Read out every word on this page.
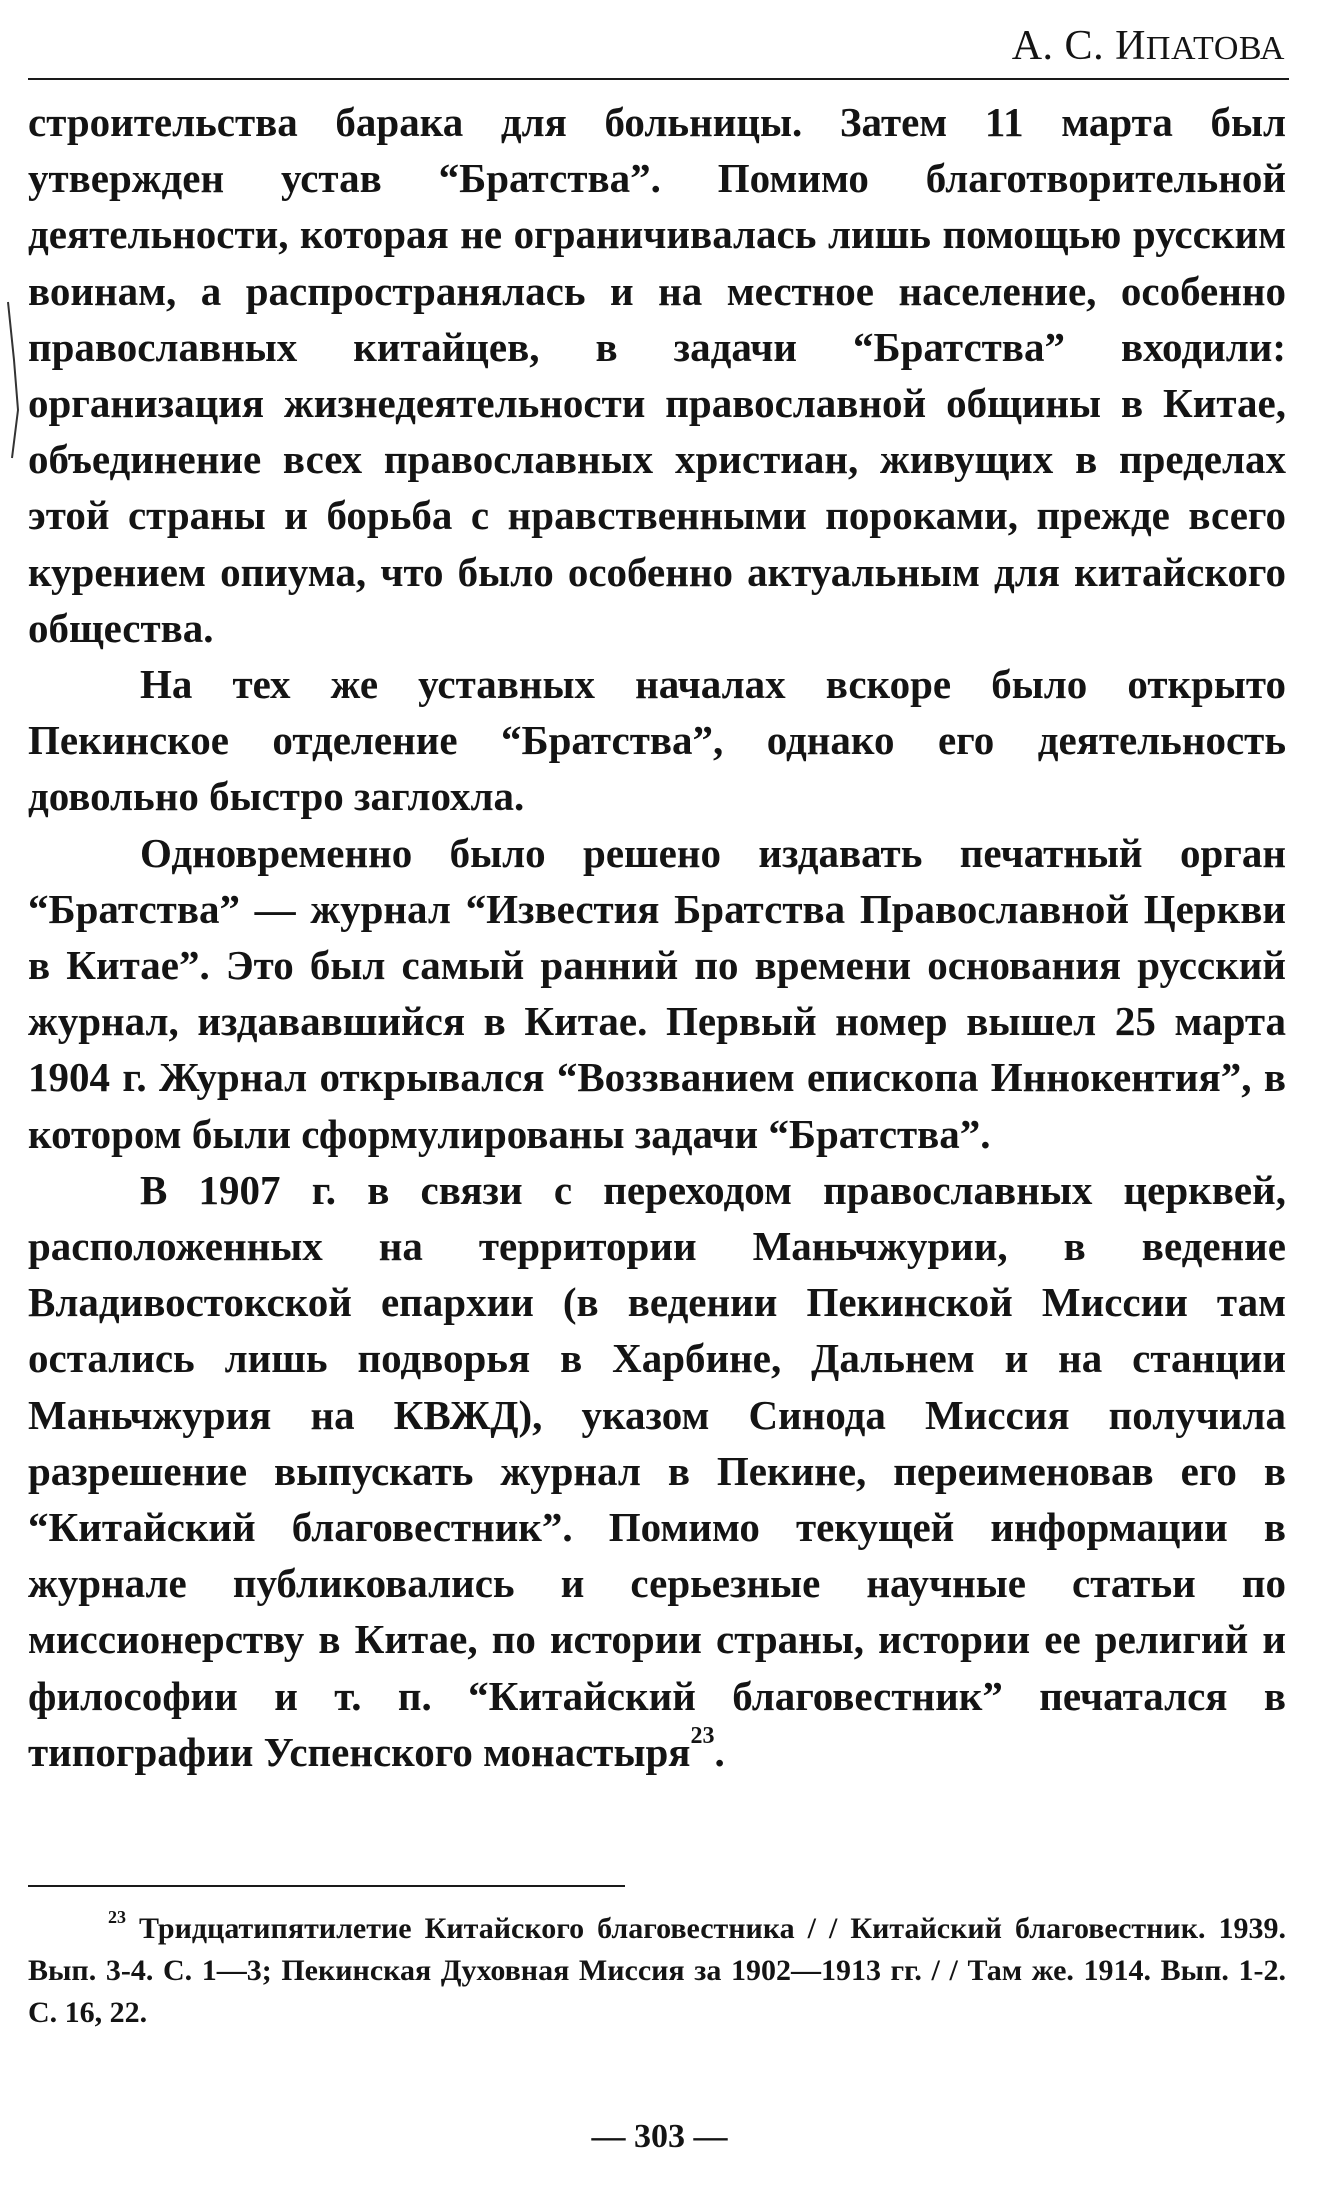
А. С. ИПАТОВА

строительства барака для больницы. Затем 11 марта был утвержден устав “Братства”. Помимо благотворительной деятельности, которая не ограничивалась лишь помощью русским воинам, а распространялась и на местное население, особенно православных китайцев, в задачи “Братства” входили: организация жизнедеятельности православной общины в Китае, объединение всех православных христиан, живущих в пределах этой страны и борьба с нравственными пороками, прежде всего курением опиума, что было особенно актуальным для китайского общества.

На тех же уставных началах вскоре было открыто Пекинское отделение “Братства”, однако его деятельность довольно быстро заглохла.

Одновременно было решено издавать печатный орган “Братства” — журнал “Известия Братства Православной Церкви в Китае”. Это был самый ранний по времени основания русский журнал, издававшийся в Китае. Первый номер вышел 25 марта 1904 г. Журнал открывался “Воззванием епископа Иннокентия”, в котором были сформулированы задачи “Братства”.

В 1907 г. в связи с переходом православных церквей, расположенных на территории Маньчжурии, в ведение Владивостокской епархии (в ведении Пекинской Миссии там остались лишь подворья в Харбине, Дальнем и на станции Маньчжурия на КВЖД), указом Синода Миссия получила разрешение выпускать журнал в Пекине, переименовав его в “Китайский благовестник”. Помимо текущей информации в журнале публиковались и серьезные научные статьи по миссионерству в Китае, по истории страны, истории ее религий и философии и т. п. “Китайский благовестник” печатался в типографии Успенского монастыря$^{23}$.

$^{23}$ Тридцатипятилетие Китайского благовестника / / Китайский благовестник. 1939. Вып. 3-4. С. 1—3; Пекинская Духовная Миссия за 1902—1913 гг. / / Там же. 1914. Вып. 1-2. С. 16, 22.
— 303 —
